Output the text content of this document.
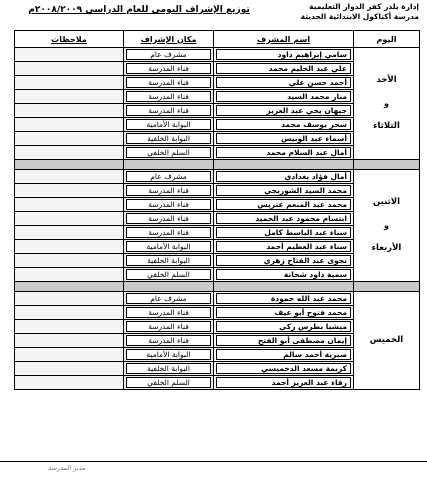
إدارة بلدر كفر الدوار التعليمية
مدرسة أكتاكول الابتدائية الحديثة
توزيع الإشراف اليومي للعام الدراسي ٢٠٠٨/٢٠٠٩م
اليوم	اسم المشرف	مكان الإشراف	ملاحظات
الأحد
و
الثلاثاء	سامي إبراهيم داود	مشرف عام	

	علي عبد الحليم محمد	فناء المدرسة	

	أحمد حسن علي	فناء المدرسة	

	منار محمد السيد	فناء المدرسة	

	جيهان يحي عبد العزيز	فناء المدرسة	

	سحر يوسف محمد	البوابة الأمامية	

	أسماء عبد الونيس	البوابة الخلفية	

	أمال عبد السلام محمد	السلم الخلفي	

الاثنين
و
الأربعاء	أمال فؤاد بغدادي	مشرف عام	

	محمد السيد الشوربجي	فناء المدرسة	

	محمد عبد المنعم عتريس	فناء المدرسة	

	ابتسام محمود عبد الحميد	فناء المدرسة	

	سناء عبد الباسط كامل	فناء المدرسة	

	سناء عبد العظيم أحمد	البوابة الأمامية	

	نجوى عبد الفتاح زهري	البوابة الخلفية	

	سمية داود شحاتة	السلم الخلفي	

الخميس	محمد عبد الله حمودة	مشرف عام	

	محمد فتوح أبو عيف	فناء المدرسة	

	ميشيا بطرس زكي	فناء المدرسة	

	إيمان مصطفى أبو الفتح	فناء المدرسة	

	صبرية أحمد سالم	البوابة الأمامية	

	كريمة مسعد الدخميسي	البوابة الخلفية	

	رقاء عبد العزيز أحمد	السلم الخلفي	

مدير المدرسة
